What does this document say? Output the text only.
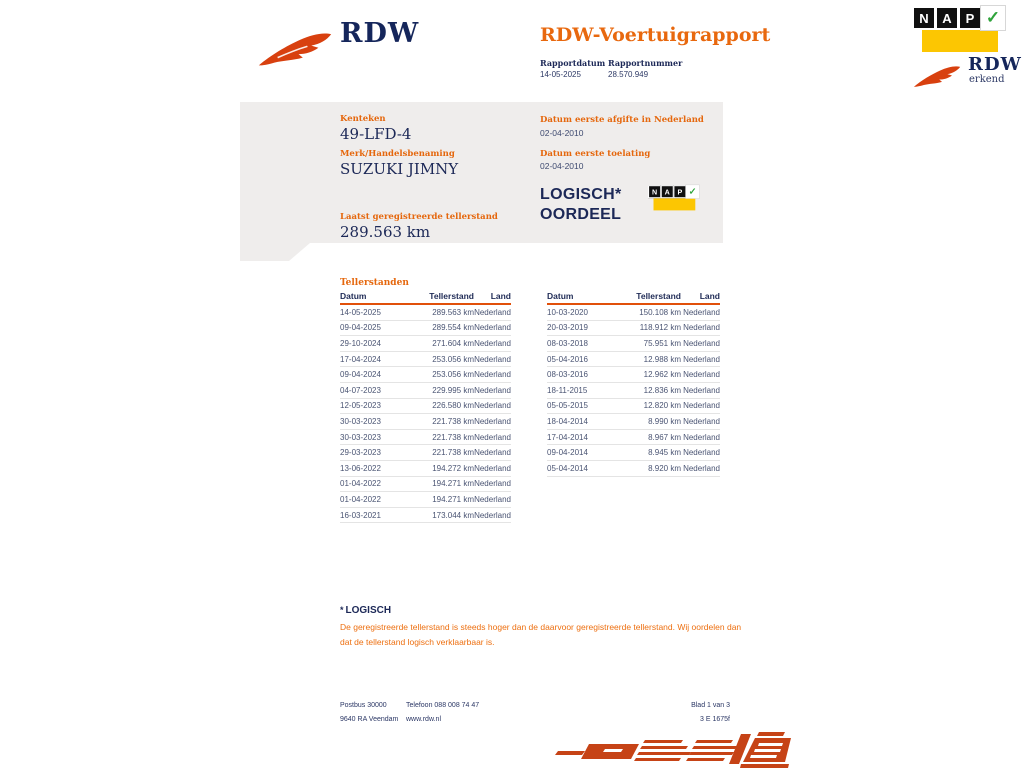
RDW	RDW-Voertuigrapport
Rapportdatum
14-05-2025
Rapportnummer
28.570.949
N	A	P ✓
RDW
erkend
Kenteken
49-LFD-4
Merk/Handelsbenaming
SUZUKI JIMNY
Laatst geregistreerde tellerstand
289.563 km
Datum eerste afgifte in Nederland
02-04-2010
Datum eerste toelating
02-04-2010
LOGISCH*
OORDEEL
N A P ✓
Tellerstanden
Datum	Tellerstand	Land
14-05-2025	289.563 km Nederland
09-04-2025	289.554 km Nederland
29-10-2024	271.604 km Nederland
17-04-2024	253.056 km Nederland
09-04-2024	253.056 km Nederland
04-07-2023	229.995 km Nederland
12-05-2023	226.580 km Nederland
30-03-2023	221.738 km Nederland
30-03-2023	221.738 km Nederland
29-03-2023	221.738 km Nederland
13-06-2022	194.272 km Nederland
01-04-2022	194.271 km Nederland
01-04-2022	194.271 km Nederland
16-03-2021	173.044 km Nederland
Datum	Tellerstand	Land
10-03-2020	150.108 km Nederland
20-03-2019	118.912 km Nederland
08-03-2018	75.951 km Nederland
05-04-2016	12.988 km Nederland
08-03-2016	12.962 km Nederland
18-11-2015	12.836 km Nederland
05-05-2015	12.820 km Nederland
18-04-2014	8.990 km Nederland
17-04-2014	8.967 km Nederland
09-04-2014	8.945 km Nederland
05-04-2014	8.920 km Nederland
* LOGISCH
De geregistreerde tellerstand is steeds hoger dan de daarvoor geregistreerde tellerstand. Wij oordelen dan
dat de tellerstand logisch verklaarbaar is.
Postbus 30000
9640 RA Veendam
Telefoon 088 008 74 47
www.rdw.nl
Blad 1 van 3
3 E 1675f
